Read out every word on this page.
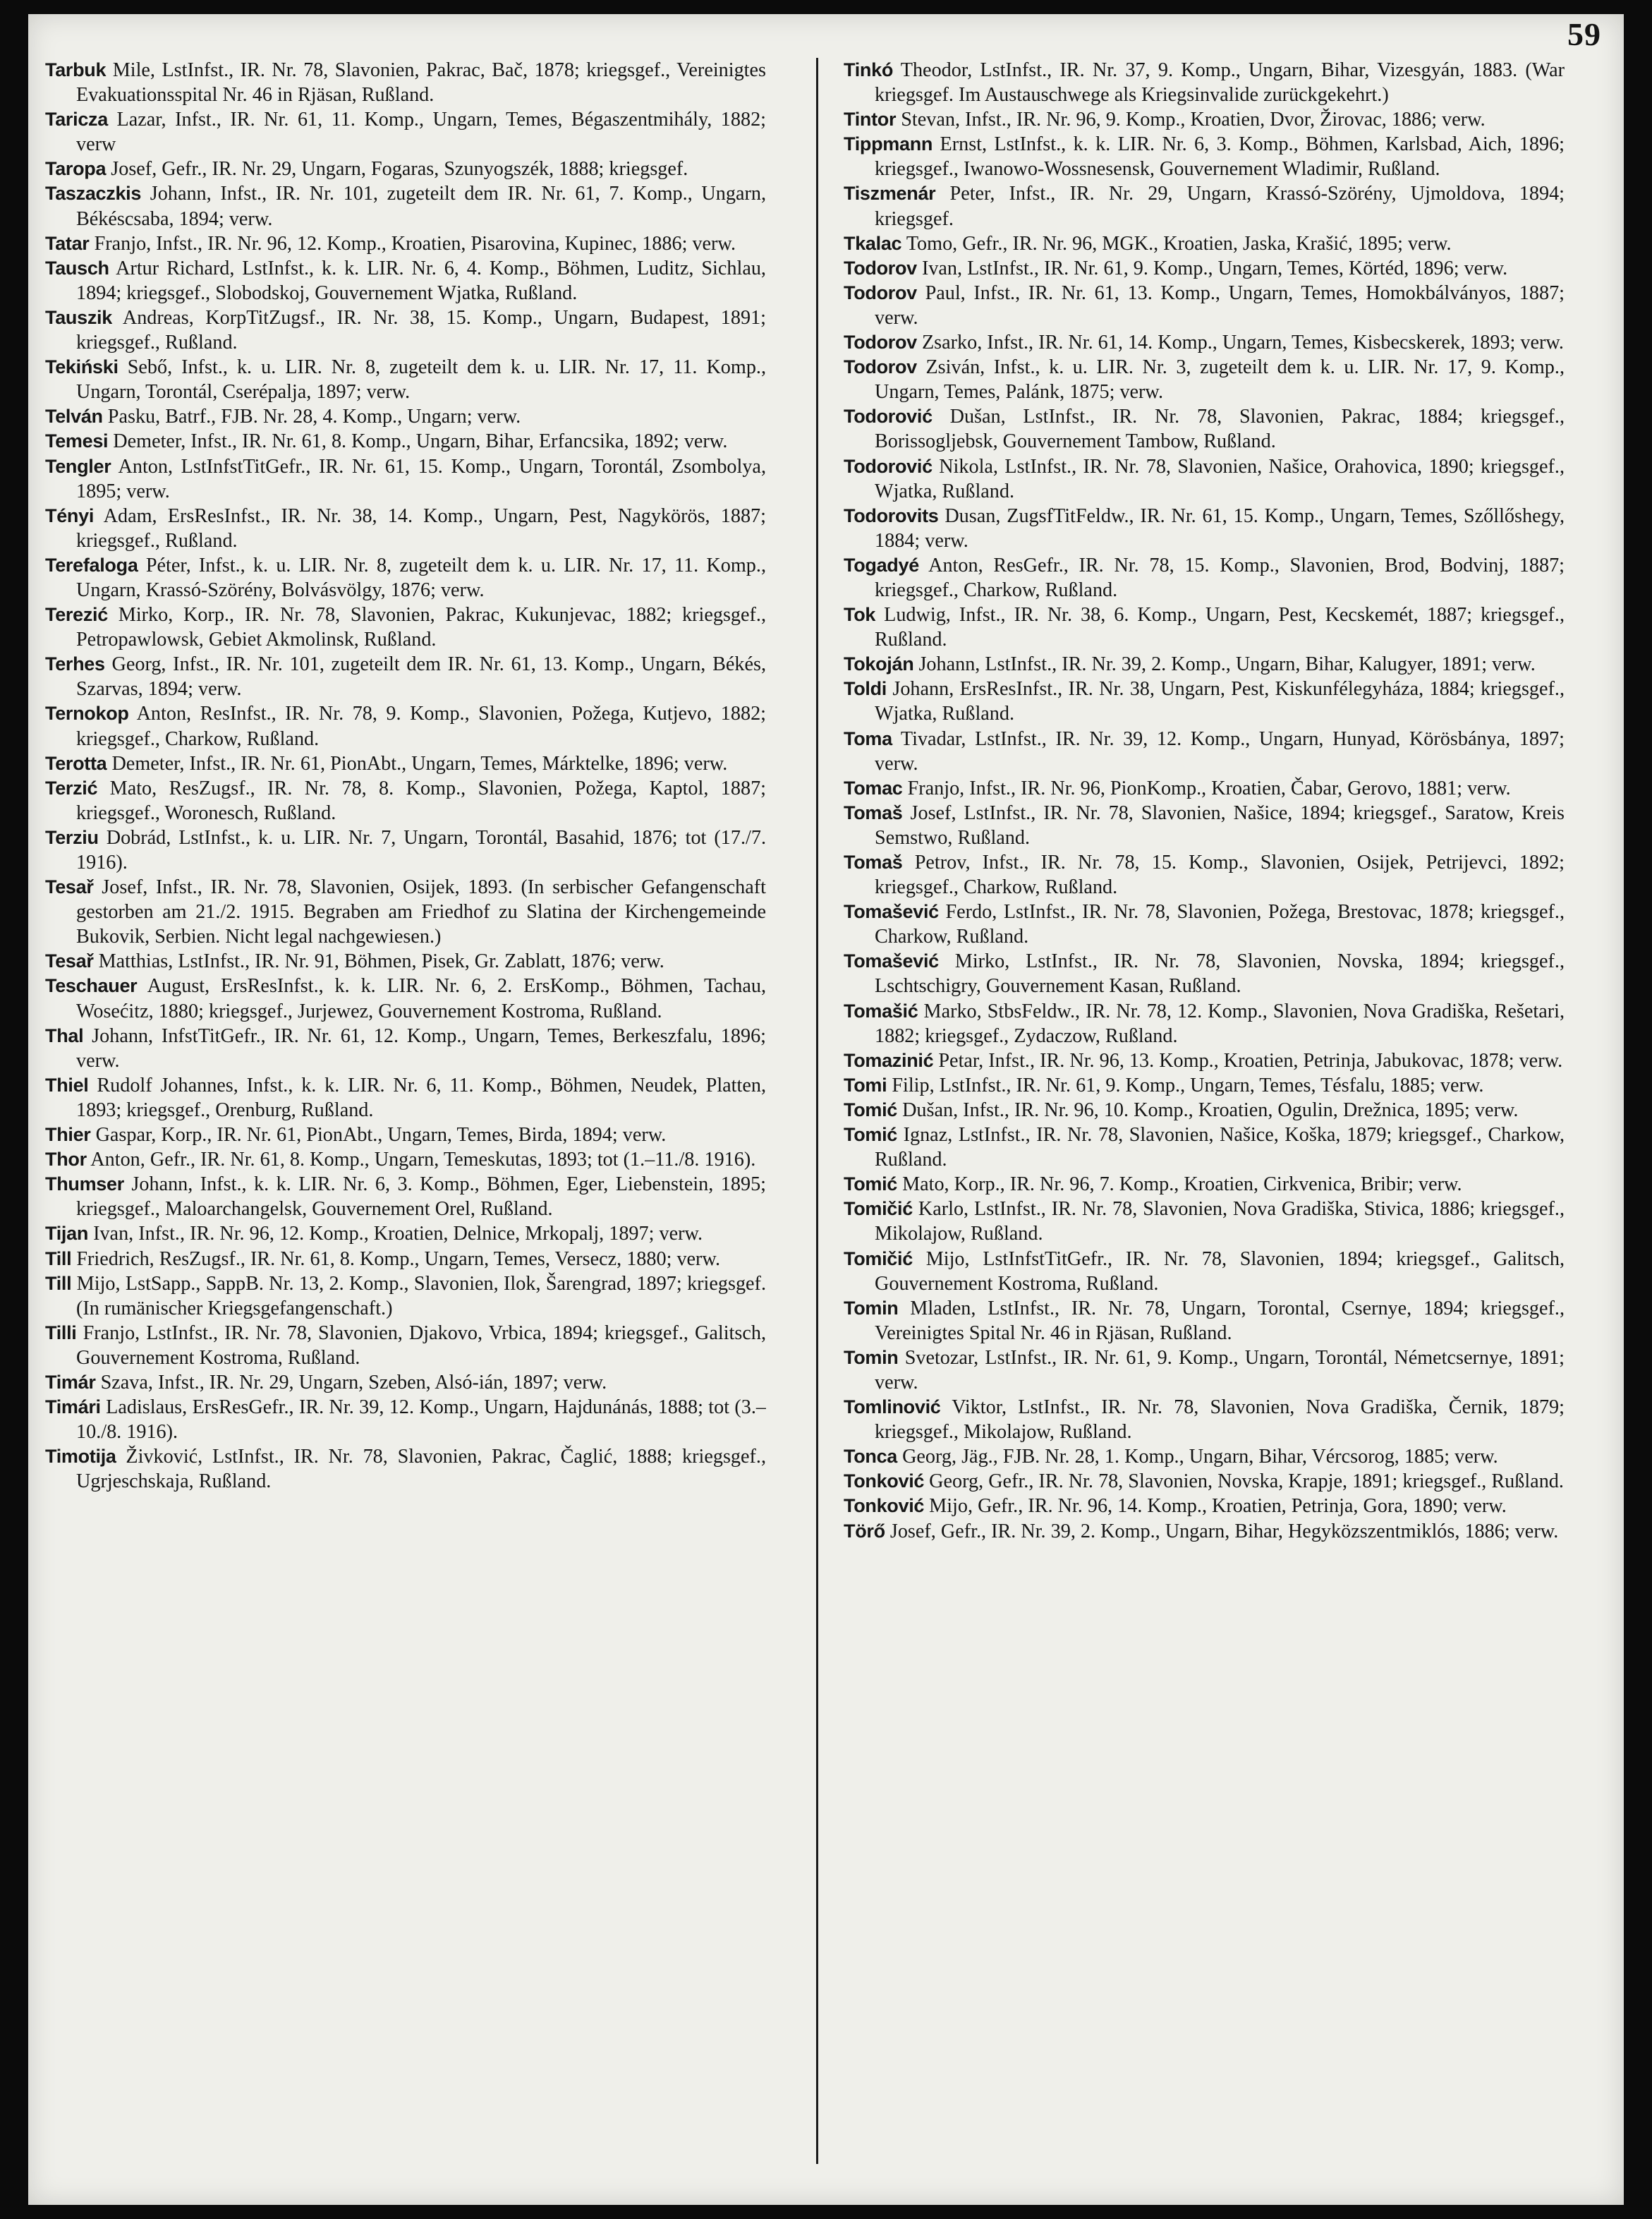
59

Tarbuk Mile, LstInfst., IR. Nr. 78, Slavonien, Pakrac, Bač, 1878; kriegsgef., Vereinigtes Evakuationsspital Nr. 46 in Rjäsan, Rußland.

Taricza Lazar, Infst., IR. Nr. 61, 11. Komp., Ungarn, Temes, Bégaszentmihály, 1882; verw

Taropa Josef, Gefr., IR. Nr. 29, Ungarn, Fogaras, Szunyogszék, 1888; kriegsgef.

Taszaczkis Johann, Infst., IR. Nr. 101, zugeteilt dem IR. Nr. 61, 7. Komp., Ungarn, Békéscsaba, 1894; verw.

Tatar Franjo, Infst., IR. Nr. 96, 12. Komp., Kroatien, Pisarovina, Kupinec, 1886; verw.

Tausch Artur Richard, LstInfst., k. k. LIR. Nr. 6, 4. Komp., Böhmen, Luditz, Sichlau, 1894; kriegsgef., Slobodskoj, Gouvernement Wjatka, Rußland.

Tauszik Andreas, KorpTitZugsf., IR. Nr. 38, 15. Komp., Ungarn, Budapest, 1891; kriegsgef., Rußland.

Tekiński Sebő, Infst., k. u. LIR. Nr. 8, zugeteilt dem k. u. LIR. Nr. 17, 11. Komp., Ungarn, Torontál, Cserépalja, 1897; verw.

Telván Pasku, Batrf., FJB. Nr. 28, 4. Komp., Ungarn; verw.

Temesi Demeter, Infst., IR. Nr. 61, 8. Komp., Ungarn, Bihar, Erfancsika, 1892; verw.

Tengler Anton, LstInfstTitGefr., IR. Nr. 61, 15. Komp., Ungarn, Torontál, Zsombolya, 1895; verw.

Tényi Adam, ErsResInfst., IR. Nr. 38, 14. Komp., Ungarn, Pest, Nagykörös, 1887; kriegsgef., Rußland.

Terefaloga Péter, Infst., k. u. LIR. Nr. 8, zugeteilt dem k. u. LIR. Nr. 17, 11. Komp., Ungarn, Krassó-Szörény, Bolvásvölgy, 1876; verw.

Terezić Mirko, Korp., IR. Nr. 78, Slavonien, Pakrac, Kukunjevac, 1882; kriegsgef., Petropawlowsk, Gebiet Akmolinsk, Rußland.

Terhes Georg, Infst., IR. Nr. 101, zugeteilt dem IR. Nr. 61, 13. Komp., Ungarn, Békés, Szarvas, 1894; verw.

Ternokop Anton, ResInfst., IR. Nr. 78, 9. Komp., Slavonien, Požega, Kutjevo, 1882; kriegsgef., Charkow, Rußland.

Terotta Demeter, Infst., IR. Nr. 61, PionAbt., Ungarn, Temes, Márktelke, 1896; verw.

Terzić Mato, ResZugsf., IR. Nr. 78, 8. Komp., Slavonien, Požega, Kaptol, 1887; kriegsgef., Woronesch, Rußland.

Terziu Dobrád, LstInfst., k. u. LIR. Nr. 7, Ungarn, Torontál, Basahid, 1876; tot (17./7. 1916).

Tesař Josef, Infst., IR. Nr. 78, Slavonien, Osijek, 1893. (In serbischer Gefangenschaft gestorben am 21./2. 1915. Begraben am Friedhof zu Slatina der Kirchengemeinde Bukovik, Serbien. Nicht legal nachgewiesen.)

Tesař Matthias, LstInfst., IR. Nr. 91, Böhmen, Pisek, Gr. Zablatt, 1876; verw.

Teschauer August, ErsResInfst., k. k. LIR. Nr. 6, 2. ErsKomp., Böhmen, Tachau, Wosećitz, 1880; kriegsgef., Jurjewez, Gouvernement Kostroma, Rußland.

Thal Johann, InfstTitGefr., IR. Nr. 61, 12. Komp., Ungarn, Temes, Berkeszfalu, 1896; verw.

Thiel Rudolf Johannes, Infst., k. k. LIR. Nr. 6, 11. Komp., Böhmen, Neudek, Platten, 1893; kriegsgef., Orenburg, Rußland.

Thier Gaspar, Korp., IR. Nr. 61, PionAbt., Ungarn, Temes, Birda, 1894; verw.

Thor Anton, Gefr., IR. Nr. 61, 8. Komp., Ungarn, Temeskutas, 1893; tot (1.–11./8. 1916).

Thumser Johann, Infst., k. k. LIR. Nr. 6, 3. Komp., Böhmen, Eger, Liebenstein, 1895; kriegsgef., Maloarchangelsk, Gouvernement Orel, Rußland.

Tijan Ivan, Infst., IR. Nr. 96, 12. Komp., Kroatien, Delnice, Mrkopalj, 1897; verw.

Till Friedrich, ResZugsf., IR. Nr. 61, 8. Komp., Ungarn, Temes, Versecz, 1880; verw.

Till Mijo, LstSapp., SappB. Nr. 13, 2. Komp., Slavonien, Ilok, Šarengrad, 1897; kriegsgef. (In rumänischer Kriegsgefangenschaft.)

Tilli Franjo, LstInfst., IR. Nr. 78, Slavonien, Djakovo, Vrbica, 1894; kriegsgef., Galitsch, Gouvernement Kostroma, Rußland.

Timár Szava, Infst., IR. Nr. 29, Ungarn, Szeben, Alsó-ián, 1897; verw.

Timári Ladislaus, ErsResGefr., IR. Nr. 39, 12. Komp., Ungarn, Hajdunánás, 1888; tot (3.–10./8. 1916).

Timotija Živković, LstInfst., IR. Nr. 78, Slavonien, Pakrac, Čaglić, 1888; kriegsgef., Ugrjeschskaja, Rußland.

Tinkó Theodor, LstInfst., IR. Nr. 37, 9. Komp., Ungarn, Bihar, Vizesgyán, 1883. (War kriegsgef. Im Austauschwege als Kriegsinvalide zurückgekehrt.)

Tintor Stevan, Infst., IR. Nr. 96, 9. Komp., Kroatien, Dvor, Žirovac, 1886; verw.

Tippmann Ernst, LstInfst., k. k. LIR. Nr. 6, 3. Komp., Böhmen, Karlsbad, Aich, 1896; kriegsgef., Iwanowo-Wossnesensk, Gouvernement Wladimir, Rußland.

Tiszmenár Peter, Infst., IR. Nr. 29, Ungarn, Krassó-Szörény, Ujmoldova, 1894; kriegsgef.

Tkalac Tomo, Gefr., IR. Nr. 96, MGK., Kroatien, Jaska, Krašić, 1895; verw.

Todorov Ivan, LstInfst., IR. Nr. 61, 9. Komp., Ungarn, Temes, Körtéd, 1896; verw.

Todorov Paul, Infst., IR. Nr. 61, 13. Komp., Ungarn, Temes, Homokbálványos, 1887; verw.

Todorov Zsarko, Infst., IR. Nr. 61, 14. Komp., Ungarn, Temes, Kisbecskerek, 1893; verw.

Todorov Zsiván, Infst., k. u. LIR. Nr. 3, zugeteilt dem k. u. LIR. Nr. 17, 9. Komp., Ungarn, Temes, Palánk, 1875; verw.

Todorović Dušan, LstInfst., IR. Nr. 78, Slavonien, Pakrac, 1884; kriegsgef., Borissogljebsk, Gouvernement Tambow, Rußland.

Todorović Nikola, LstInfst., IR. Nr. 78, Slavonien, Našice, Orahovica, 1890; kriegsgef., Wjatka, Rußland.

Todorovits Dusan, ZugsfTitFeldw., IR. Nr. 61, 15. Komp., Ungarn, Temes, Szőllőshegy, 1884; verw.

Togadyé Anton, ResGefr., IR. Nr. 78, 15. Komp., Slavonien, Brod, Bodvinj, 1887; kriegsgef., Charkow, Rußland.

Tok Ludwig, Infst., IR. Nr. 38, 6. Komp., Ungarn, Pest, Kecskemét, 1887; kriegsgef., Rußland.

Tokoján Johann, LstInfst., IR. Nr. 39, 2. Komp., Ungarn, Bihar, Kalugyer, 1891; verw.

Toldi Johann, ErsResInfst., IR. Nr. 38, Ungarn, Pest, Kiskunfélegyháza, 1884; kriegsgef., Wjatka, Rußland.

Toma Tivadar, LstInfst., IR. Nr. 39, 12. Komp., Ungarn, Hunyad, Körösbánya, 1897; verw.

Tomac Franjo, Infst., IR. Nr. 96, PionKomp., Kroatien, Čabar, Gerovo, 1881; verw.

Tomaš Josef, LstInfst., IR. Nr. 78, Slavonien, Našice, 1894; kriegsgef., Saratow, Kreis Semstwo, Rußland.

Tomaš Petrov, Infst., IR. Nr. 78, 15. Komp., Slavonien, Osijek, Petrijevci, 1892; kriegsgef., Charkow, Rußland.

Tomašević Ferdo, LstInfst., IR. Nr. 78, Slavonien, Požega, Brestovac, 1878; kriegsgef., Charkow, Rußland.

Tomašević Mirko, LstInfst., IR. Nr. 78, Slavonien, Novska, 1894; kriegsgef., Lschtschigry, Gouvernement Kasan, Rußland.

Tomašić Marko, StbsFeldw., IR. Nr. 78, 12. Komp., Slavonien, Nova Gradiška, Rešetari, 1882; kriegsgef., Zydaczow, Rußland.

Tomazinić Petar, Infst., IR. Nr. 96, 13. Komp., Kroatien, Petrinja, Jabukovac, 1878; verw.

Tomi Filip, LstInfst., IR. Nr. 61, 9. Komp., Ungarn, Temes, Tésfalu, 1885; verw.

Tomić Dušan, Infst., IR. Nr. 96, 10. Komp., Kroatien, Ogulin, Drežnica, 1895; verw.

Tomić Ignaz, LstInfst., IR. Nr. 78, Slavonien, Našice, Koška, 1879; kriegsgef., Charkow, Rußland.

Tomić Mato, Korp., IR. Nr. 96, 7. Komp., Kroatien, Cirkvenica, Bribir; verw.

Tomičić Karlo, LstInfst., IR. Nr. 78, Slavonien, Nova Gradiška, Stivica, 1886; kriegsgef., Mikolajow, Rußland.

Tomičić Mijo, LstInfstTitGefr., IR. Nr. 78, Slavonien, 1894; kriegsgef., Galitsch, Gouvernement Kostroma, Rußland.

Tomin Mladen, LstInfst., IR. Nr. 78, Ungarn, Torontal, Csernye, 1894; kriegsgef., Vereinigtes Spital Nr. 46 in Rjäsan, Rußland.

Tomin Svetozar, LstInfst., IR. Nr. 61, 9. Komp., Ungarn, Torontál, Németcsernye, 1891; verw.

Tomlinović Viktor, LstInfst., IR. Nr. 78, Slavonien, Nova Gradiška, Černik, 1879; kriegsgef., Mikolajow, Rußland.

Tonca Georg, Jäg., FJB. Nr. 28, 1. Komp., Ungarn, Bihar, Vércsorog, 1885; verw.

Tonković Georg, Gefr., IR. Nr. 78, Slavonien, Novska, Krapje, 1891; kriegsgef., Rußland.

Tonković Mijo, Gefr., IR. Nr. 96, 14. Komp., Kroatien, Petrinja, Gora, 1890; verw.

Törő Josef, Gefr., IR. Nr. 39, 2. Komp., Ungarn, Bihar, Hegyközszentmiklós, 1886; verw.
